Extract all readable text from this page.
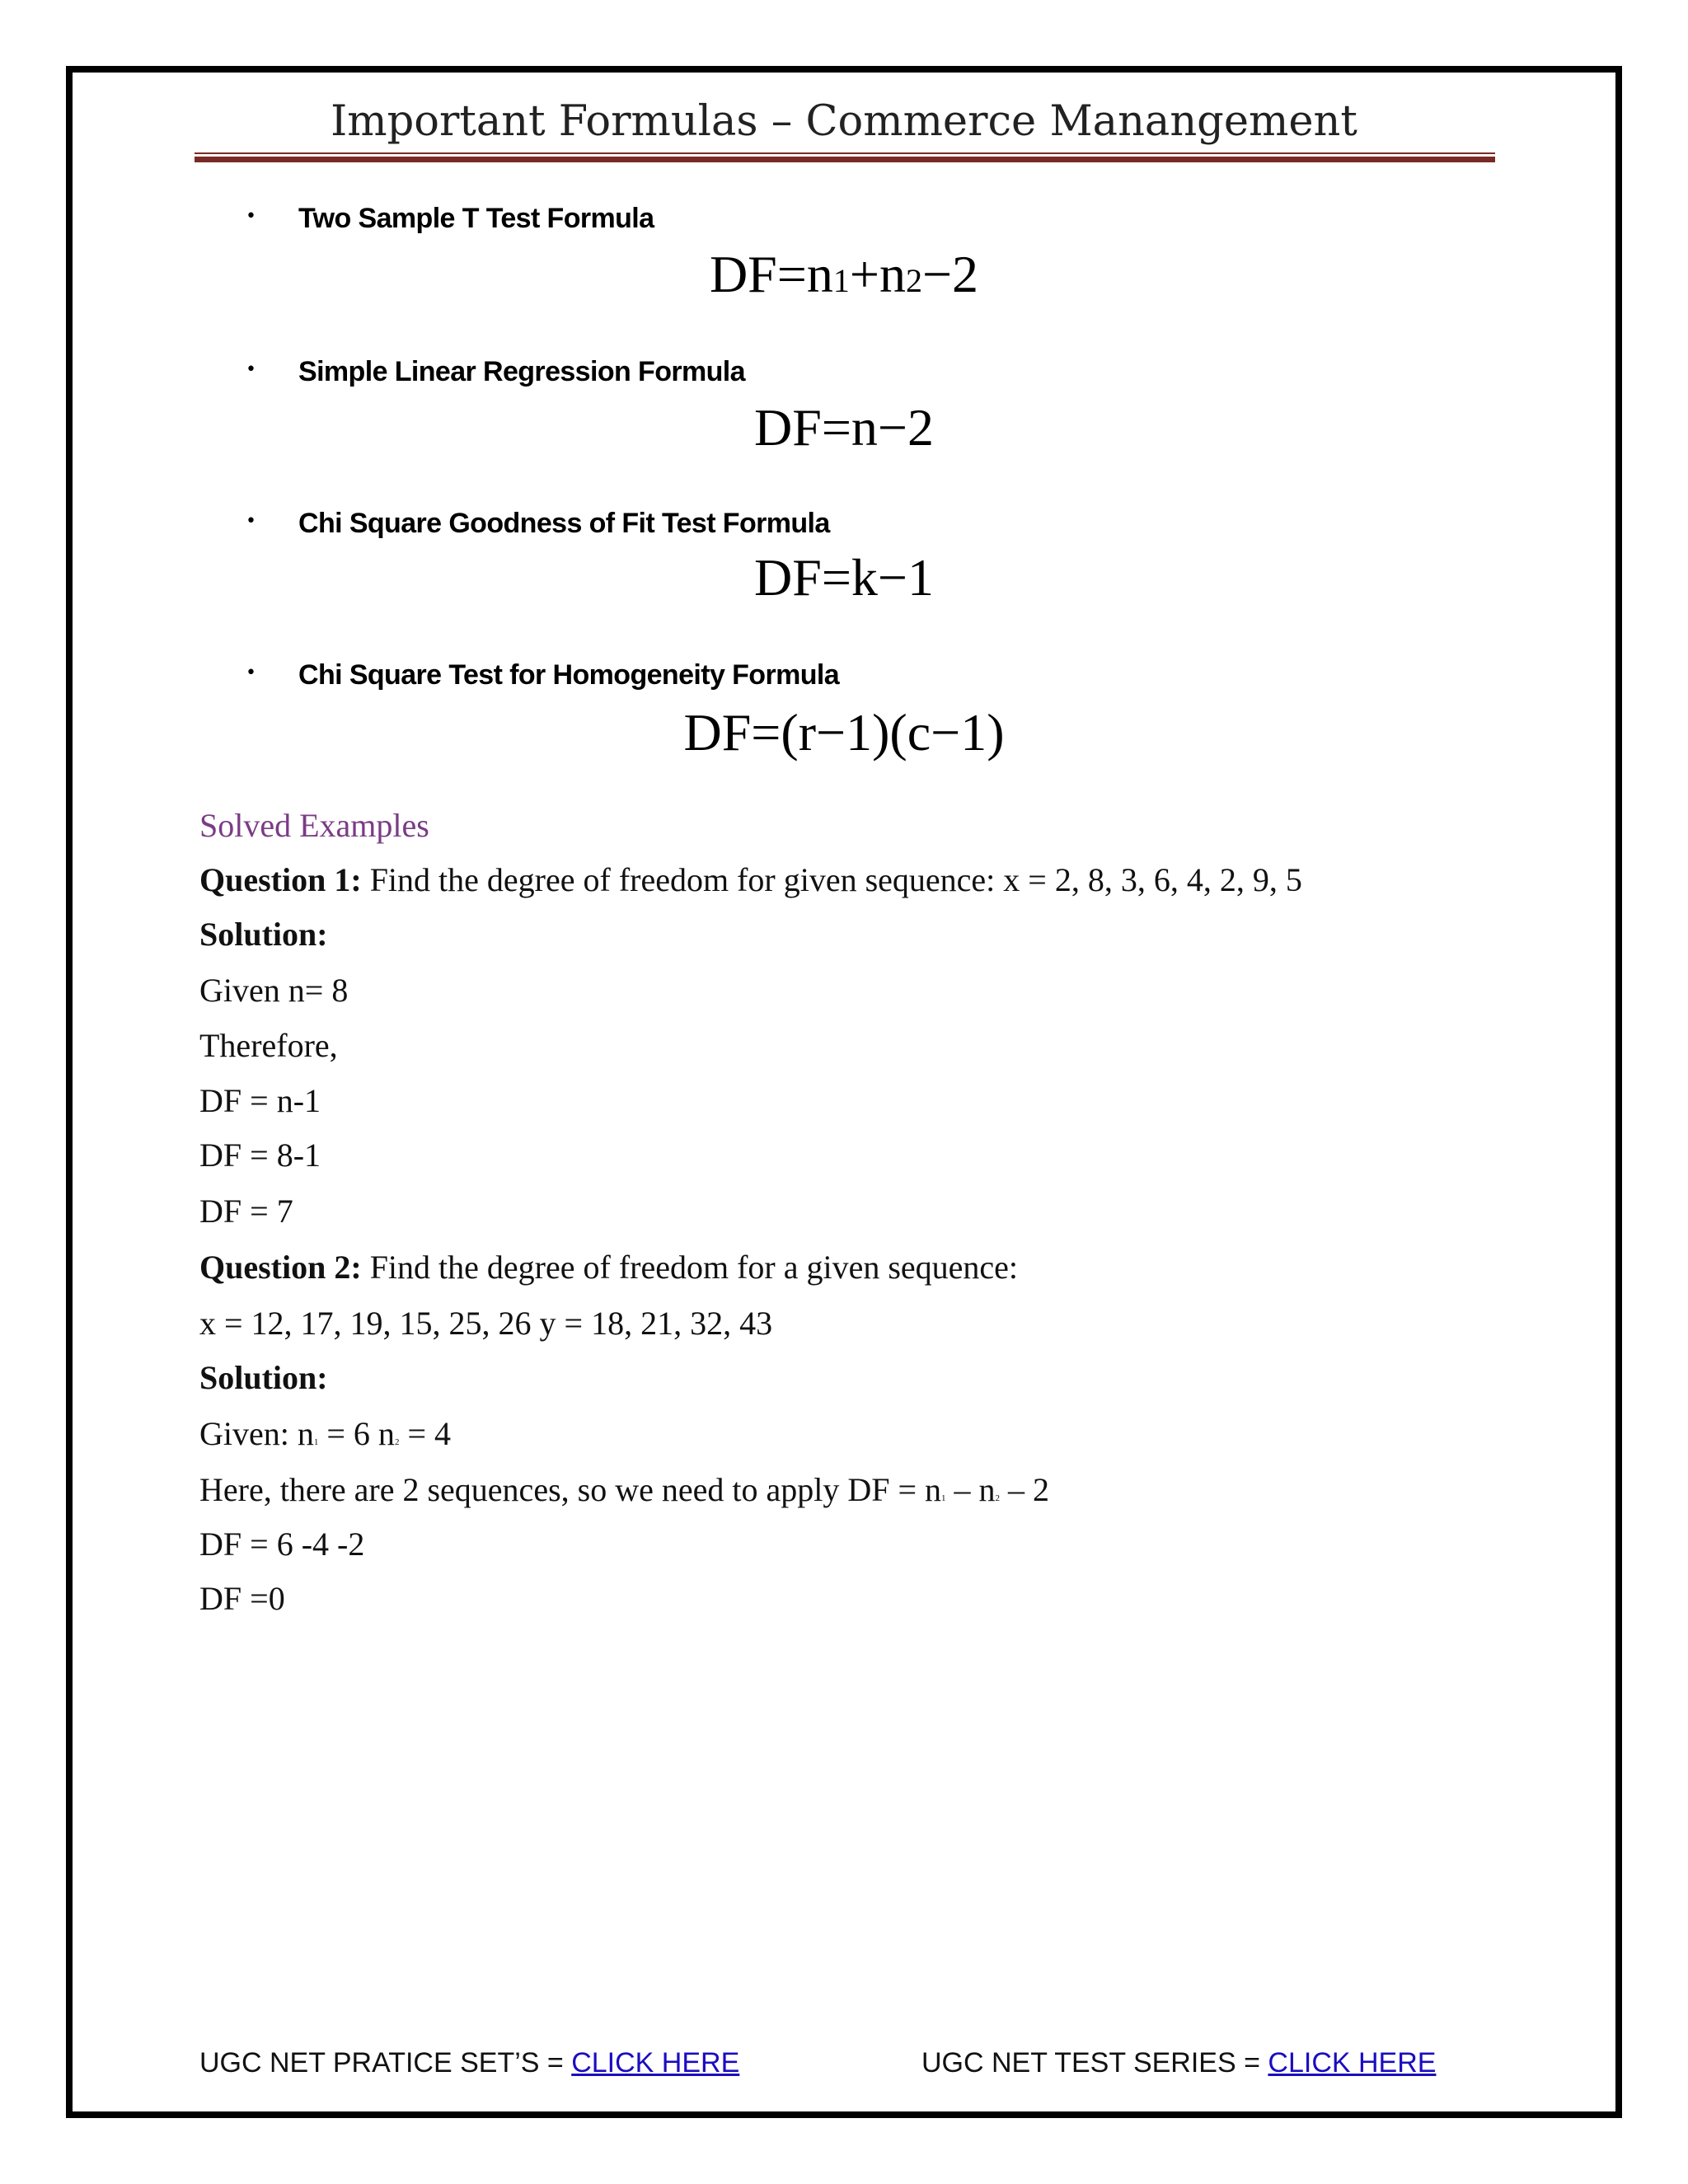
Important Formulas – Commerce Manangement
• Two Sample T Test Formula
DF=n1+n2−2
• Simple Linear Regression Formula
DF=n−2
• Chi Square Goodness of Fit Test Formula
DF=k−1
• Chi Square Test for Homogeneity Formula
DF=(r−1)(c−1)
Solved Examples
Question 1: Find the degree of freedom for given sequence: x = 2, 8, 3, 6, 4, 2, 9, 5
Solution:
Given n= 8
Therefore,
DF = n-1
DF = 8-1
DF = 7
Question 2: Find the degree of freedom for a given sequence:
x = 12, 17, 19, 15, 25, 26 y = 18, 21, 32, 43
Solution:
Given: n1 = 6 n2 = 4
Here, there are 2 sequences, so we need to apply DF = n1 – n2 – 2
DF = 6 -4 -2
DF =0
UGC NET PRATICE SET’S = CLICK HERE	UGC NET TEST SERIES = CLICK HERE
